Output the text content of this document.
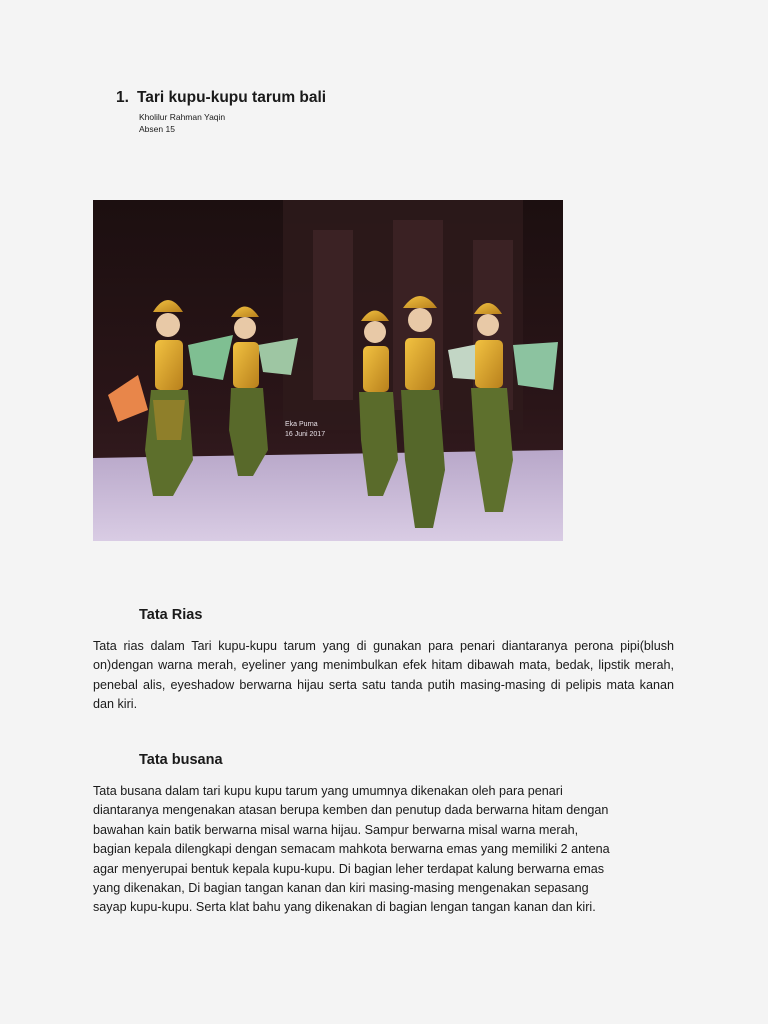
1. Tari kupu-kupu tarum bali
Kholilur Rahman Yaqin
Absen 15
Eka Purna
16 Juni 2017
Tata Rias
Tata rias dalam Tari kupu-kupu tarum yang di gunakan para penari diantaranya perona pipi(blush on)dengan warna merah, eyeliner yang menimbulkan efek hitam dibawah mata, bedak, lipstik merah, penebal alis, eyeshadow berwarna hijau serta satu tanda putih masing-masing di pelipis mata kanan dan kiri.
Tata busana
Tata busana dalam tari kupu kupu tarum yang umumnya dikenakan oleh para penari
diantaranya mengenakan atasan berupa kemben dan penutup dada berwarna hitam dengan
bawahan kain batik berwarna misal warna hijau. Sampur berwarna misal warna merah,
bagian kepala dilengkapi dengan semacam mahkota berwarna emas yang memiliki 2 antena
agar menyerupai bentuk kepala kupu-kupu. Di bagian leher terdapat kalung berwarna emas
yang dikenakan, Di bagian tangan kanan dan kiri masing-masing mengenakan sepasang
sayap kupu-kupu. Serta klat bahu yang dikenakan di bagian lengan tangan kanan dan kiri.
